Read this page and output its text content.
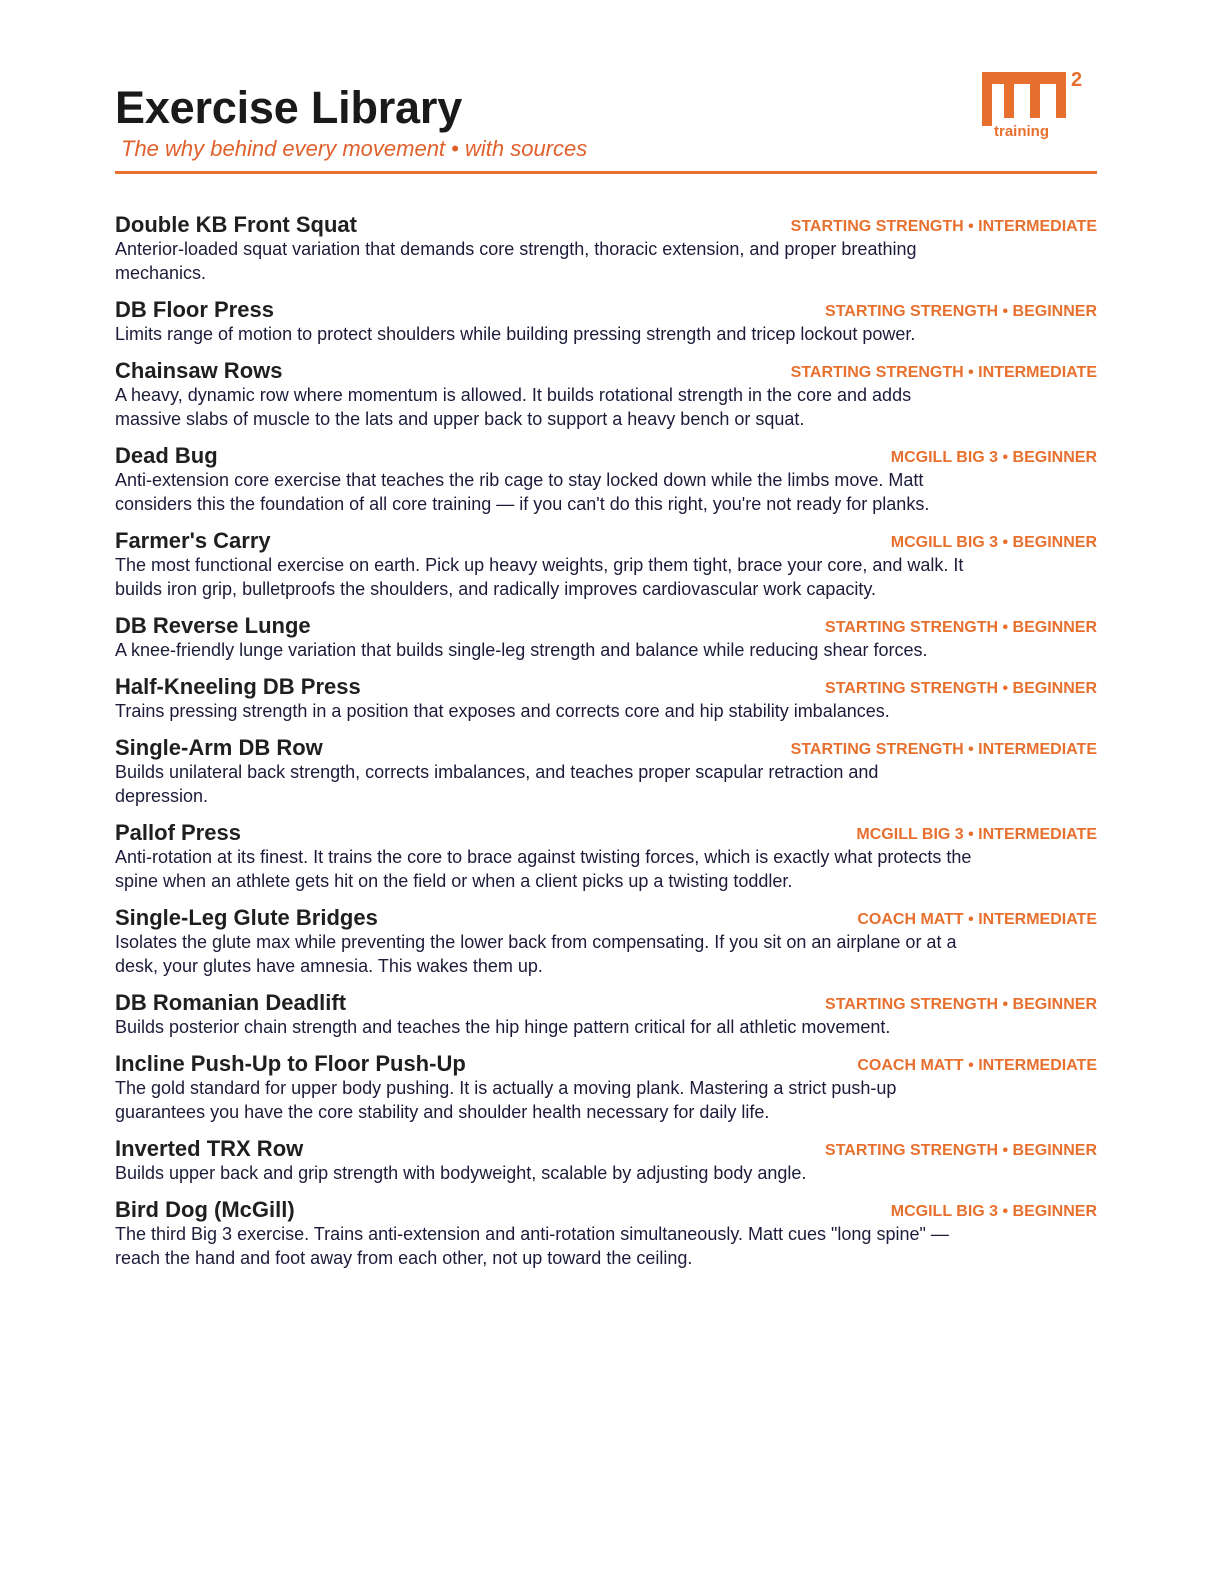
Exercise Library
The why behind every movement • with sources
2
training
Double KB Front Squat	STARTING STRENGTH • INTERMEDIATE
Anterior-loaded squat variation that demands core strength, thoracic extension, and proper breathing mechanics.
DB Floor Press	STARTING STRENGTH • BEGINNER
Limits range of motion to protect shoulders while building pressing strength and tricep lockout power.
Chainsaw Rows	STARTING STRENGTH • INTERMEDIATE
A heavy, dynamic row where momentum is allowed. It builds rotational strength in the core and adds massive slabs of muscle to the lats and upper back to support a heavy bench or squat.
Dead Bug	MCGILL BIG 3 • BEGINNER
Anti-extension core exercise that teaches the rib cage to stay locked down while the limbs move. Matt considers this the foundation of all core training — if you can't do this right, you're not ready for planks.
Farmer's Carry	MCGILL BIG 3 • BEGINNER
The most functional exercise on earth. Pick up heavy weights, grip them tight, brace your core, and walk. It builds iron grip, bulletproofs the shoulders, and radically improves cardiovascular work capacity.
DB Reverse Lunge	STARTING STRENGTH • BEGINNER
A knee-friendly lunge variation that builds single-leg strength and balance while reducing shear forces.
Half-Kneeling DB Press	STARTING STRENGTH • BEGINNER
Trains pressing strength in a position that exposes and corrects core and hip stability imbalances.
Single-Arm DB Row	STARTING STRENGTH • INTERMEDIATE
Builds unilateral back strength, corrects imbalances, and teaches proper scapular retraction and depression.
Pallof Press	MCGILL BIG 3 • INTERMEDIATE
Anti-rotation at its finest. It trains the core to brace against twisting forces, which is exactly what protects the spine when an athlete gets hit on the field or when a client picks up a twisting toddler.
Single-Leg Glute Bridges	COACH MATT • INTERMEDIATE
Isolates the glute max while preventing the lower back from compensating. If you sit on an airplane or at a desk, your glutes have amnesia. This wakes them up.
DB Romanian Deadlift	STARTING STRENGTH • BEGINNER
Builds posterior chain strength and teaches the hip hinge pattern critical for all athletic movement.
Incline Push-Up to Floor Push-Up	COACH MATT • INTERMEDIATE
The gold standard for upper body pushing. It is actually a moving plank. Mastering a strict push-up guarantees you have the core stability and shoulder health necessary for daily life.
Inverted TRX Row	STARTING STRENGTH • BEGINNER
Builds upper back and grip strength with bodyweight, scalable by adjusting body angle.
Bird Dog (McGill)	MCGILL BIG 3 • BEGINNER
The third Big 3 exercise. Trains anti-extension and anti-rotation simultaneously. Matt cues "long spine" — reach the hand and foot away from each other, not up toward the ceiling.
